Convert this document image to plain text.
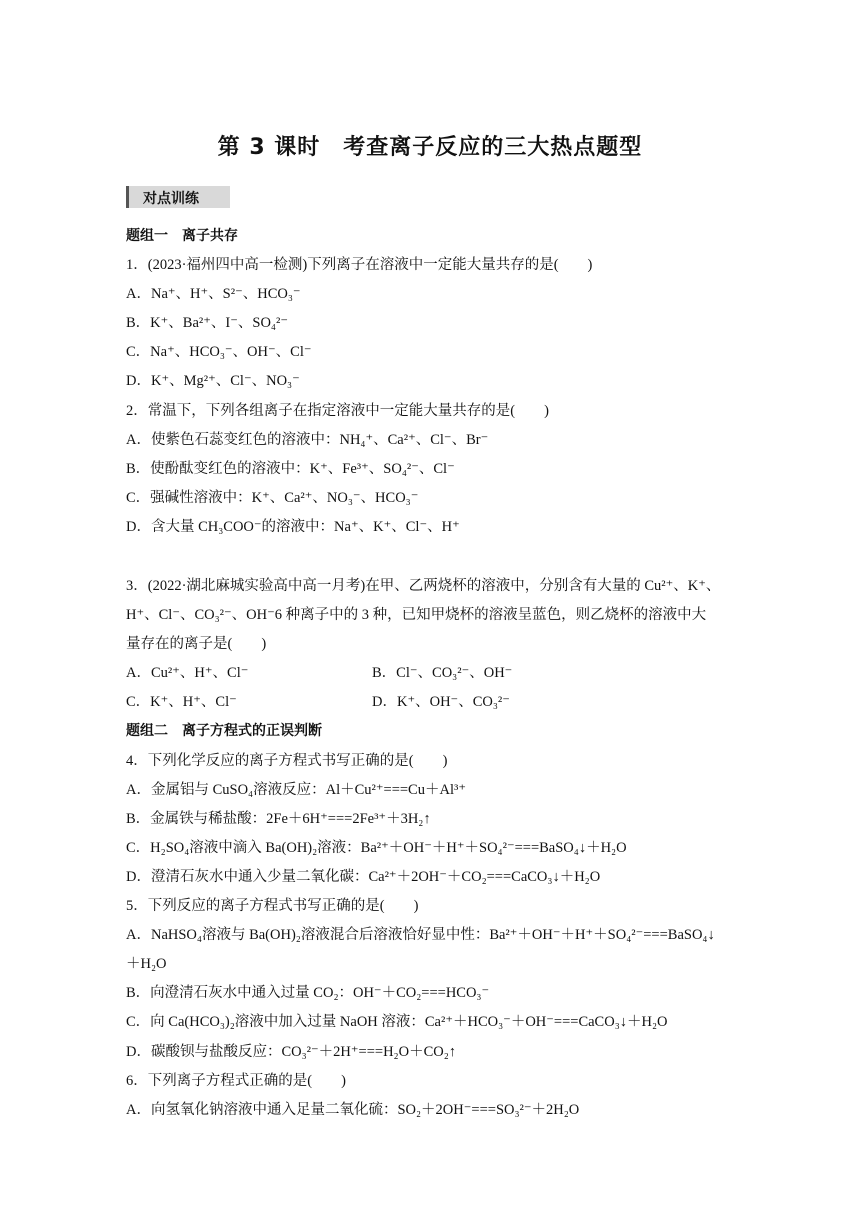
第 3 课时　考查离子反应的三大热点题型
对点训练
题组一　离子共存
1．(2023·福州四中高一检测)下列离子在溶液中一定能大量共存的是(　　)
A．Na⁺、H⁺、S²⁻、HCO₃⁻
B．K⁺、Ba²⁺、I⁻、SO₄²⁻
C．Na⁺、HCO₃⁻、OH⁻、Cl⁻
D．K⁺、Mg²⁺、Cl⁻、NO₃⁻
2．常温下，下列各组离子在指定溶液中一定能大量共存的是(　　)
A．使紫色石蕊变红色的溶液中：NH₄⁺、Ca²⁺、Cl⁻、Br⁻
B．使酚酞变红色的溶液中：K⁺、Fe³⁺、SO₄²⁻、Cl⁻
C．强碱性溶液中：K⁺、Ca²⁺、NO₃⁻、HCO₃⁻
D．含大量 CH₃COO⁻的溶液中：Na⁺、K⁺、Cl⁻、H⁺
3．(2022·湖北麻城实验高中高一月考)在甲、乙两烧杯的溶液中，分别含有大量的 Cu²⁺、K⁺、
H⁺、Cl⁻、CO₃²⁻、OH⁻6 种离子中的 3 种，已知甲烧杯的溶液呈蓝色，则乙烧杯的溶液中大
量存在的离子是(　　)
A．Cu²⁺、H⁺、Cl⁻	B．Cl⁻、CO₃²⁻、OH⁻
C．K⁺、H⁺、Cl⁻	D．K⁺、OH⁻、CO₃²⁻
题组二　离子方程式的正误判断
4．下列化学反应的离子方程式书写正确的是(　　)
A．金属铝与 CuSO₄溶液反应：Al＋Cu²⁺===Cu＋Al³⁺
B．金属铁与稀盐酸：2Fe＋6H⁺===2Fe³⁺＋3H₂↑
C．H₂SO₄溶液中滴入 Ba(OH)₂溶液：Ba²⁺＋OH⁻＋H⁺＋SO₄²⁻===BaSO₄↓＋H₂O
D．澄清石灰水中通入少量二氧化碳：Ca²⁺＋2OH⁻＋CO₂===CaCO₃↓＋H₂O
5．下列反应的离子方程式书写正确的是(　　)
A．NaHSO₄溶液与 Ba(OH)₂溶液混合后溶液恰好显中性：Ba²⁺＋OH⁻＋H⁺＋SO₄²⁻===BaSO₄↓
＋H₂O
B．向澄清石灰水中通入过量 CO₂：OH⁻＋CO₂===HCO₃⁻
C．向 Ca(HCO₃)₂溶液中加入过量 NaOH 溶液：Ca²⁺＋HCO₃⁻＋OH⁻===CaCO₃↓＋H₂O
D．碳酸钡与盐酸反应：CO₃²⁻＋2H⁺===H₂O＋CO₂↑
6．下列离子方程式正确的是(　　)
A．向氢氧化钠溶液中通入足量二氧化硫：SO₂＋2OH⁻===SO₃²⁻＋2H₂O
